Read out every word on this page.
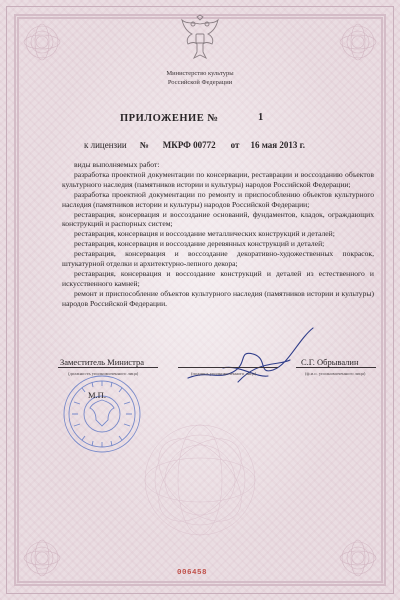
Министерство культуры
Российской Федерации
ПРИЛОЖЕНИЕ №	1
к лицензии № МКРФ 00772 от 16 мая 2013 г.

виды выполняемых работ:

разработка проектной документации по консервации, реставрации и воссозданию объектов культурного наследия (памятников истории и культуры) народов Российской Федерации;

разработка проектной документации по ремонту и приспособлению объектов культурного наследия (памятников истории и культуры) народов Российской Федерации;

реставрация, консервация и воссоздание оснований, фундаментов, кладок, ограждающих конструкций и распорных систем;

реставрация, консервация и воссоздание металлических конструкций и деталей;

реставрация, консервация и воссоздание деревянных конструкций и деталей;

реставрация, консервация и воссоздание декоративно-художественных покрасок, штукатурной отделки и архитектурно-лепного декора;

реставрация, консервация и воссоздание конструкций и деталей из естественного и искусственного камней;

ремонт и приспособление объектов культурного наследия (памятников истории и культуры) народов Российской Федерации.

Заместитель Министра	С.Г. Обрывалин
(должность уполномоченного лица)	(подпись уполномоченного лица)	(ф.и.о. уполномоченного лица)
М.П.
006458
